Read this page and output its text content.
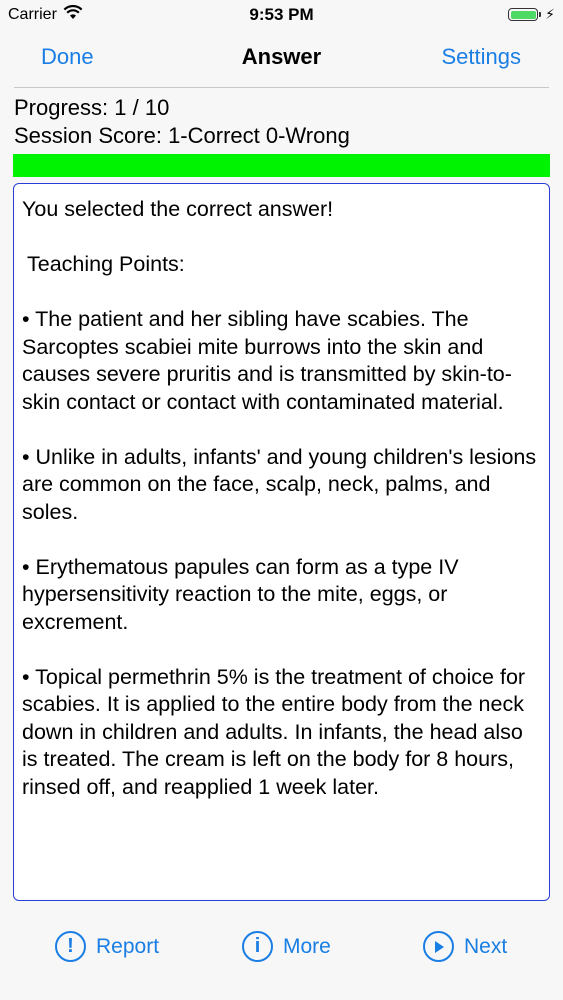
Carrier	9:53 PM	⚡
Done	Answer	Settings
Progress: 1 / 10
Session Score: 1-Correct 0-Wrong

You selected the correct answer!

Teaching Points:

• The patient and her sibling have scabies. The Sarcoptes scabiei mite burrows into the skin and causes severe pruritis and is transmitted by skin-to-skin contact or contact with contaminated material.

• Unlike in adults, infants' and young children's lesions are common on the face, scalp, neck, palms, and soles.

• Erythematous papules can form as a type IV hypersensitivity reaction to the mite, eggs, or excrement.

• Topical permethrin 5% is the treatment of choice for scabies. It is applied to the entire body from the neck down in children and adults. In infants, the head also is treated. The cream is left on the body for 8 hours, rinsed off, and reapplied 1 week later.

!	Report	i	More	Next
